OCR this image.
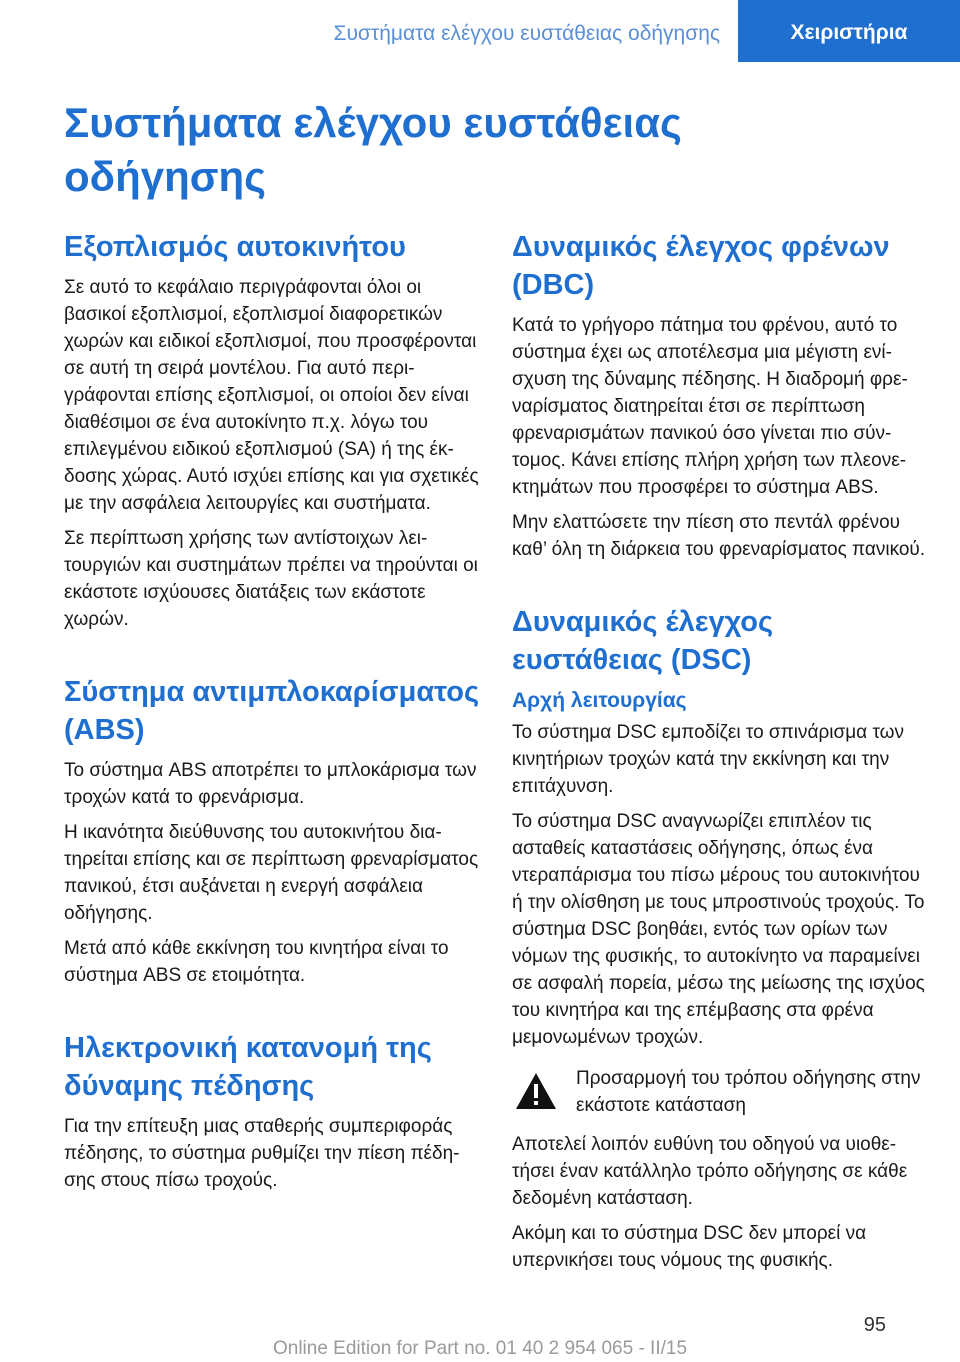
Συστήματα ελέγχου ευστάθειας οδήγησης	Χειριστήρια
Συστήματα ελέγχου ευστάθειας
οδήγησης
Εξοπλισμός αυτοκινήτου

Σε αυτό το κεφάλαιο περιγράφονται όλοι οι βασικοί εξοπλισμοί, εξοπλισμοί διαφορετικών χωρών και ειδικοί εξοπλισμοί, που προσφέρονται σε αυτή τη σειρά μοντέλου. Για αυτό περιγράφονται επίσης εξοπλισμοί, οι οποίοι δεν είναι διαθέσιμοι σε ένα αυτοκίνητο π.χ. λόγω του επιλεγμένου ειδικού εξοπλισμού (SA) ή της έκδοσης χώρας. Αυτό ισχύει επίσης και για σχετικές με την ασφάλεια λειτουργίες και συστήματα.

Σε περίπτωση χρήσης των αντίστοιχων λειτουργιών και συστημάτων πρέπει να τηρούνται οι εκάστοτε ισχύουσες διατάξεις των εκάστοτε χωρών.

Σύστημα αντιμπλοκαρίσματος (ABS)

Το σύστημα ABS αποτρέπει το μπλοκάρισμα των τροχών κατά το φρενάρισμα.

Η ικανότητα διεύθυνσης του αυτοκινήτου διατηρείται επίσης και σε περίπτωση φρεναρίσματος πανικού, έτσι αυξάνεται η ενεργή ασφάλεια οδήγησης.

Μετά από κάθε εκκίνηση του κινητήρα είναι το σύστημα ABS σε ετοιμότητα.

Ηλεκτρονική κατανομή της δύναμης πέδησης

Για την επίτευξη μιας σταθερής συμπεριφοράς πέδησης, το σύστημα ρυθμίζει την πίεση πέδησης στους πίσω τροχούς.

Δυναμικός έλεγχος φρένων (DBC)

Κατά το γρήγορο πάτημα του φρένου, αυτό το σύστημα έχει ως αποτέλεσμα μια μέγιστη ενίσχυση της δύναμης πέδησης. Η διαδρομή φρεναρίσματος διατηρείται έτσι σε περίπτωση φρεναρισμάτων πανικού όσο γίνεται πιο σύντομος. Κάνει επίσης πλήρη χρήση των πλεονεκτημάτων που προσφέρει το σύστημα ABS.

Μην ελαττώσετε την πίεση στο πεντάλ φρένου καθ’ όλη τη διάρκεια του φρεναρίσματος πανικού.

Δυναμικός έλεγχος ευστάθειας (DSC)
Αρχή λειτουργίας

Το σύστημα DSC εμποδίζει το σπινάρισμα των κινητήριων τροχών κατά την εκκίνηση και την επιτάχυνση.

Το σύστημα DSC αναγνωρίζει επιπλέον τις ασταθείς καταστάσεις οδήγησης, όπως ένα ντεραπάρισμα του πίσω μέρους του αυτοκινήτου ή την ολίσθηση με τους μπροστινούς τροχούς. Το σύστημα DSC βοηθάει, εντός των ορίων των νόμων της φυσικής, το αυτοκίνητο να παραμείνει σε ασφαλή πορεία, μέσω της μείωσης της ισχύος του κινητήρα και της επέμβασης στα φρένα μεμονωμένων τροχών.

Προσαρμογή του τρόπου οδήγησης στην εκάστοτε κατάσταση

Αποτελεί λοιπόν ευθύνη του οδηγού να υιοθετήσει έναν κατάλληλο τρόπο οδήγησης σε κάθε δεδομένη κατάσταση.

Ακόμη και το σύστημα DSC δεν μπορεί να υπερνικήσει τους νόμους της φυσικής.

95
Online Edition for Part no. 01 40 2 954 065 - II/15
